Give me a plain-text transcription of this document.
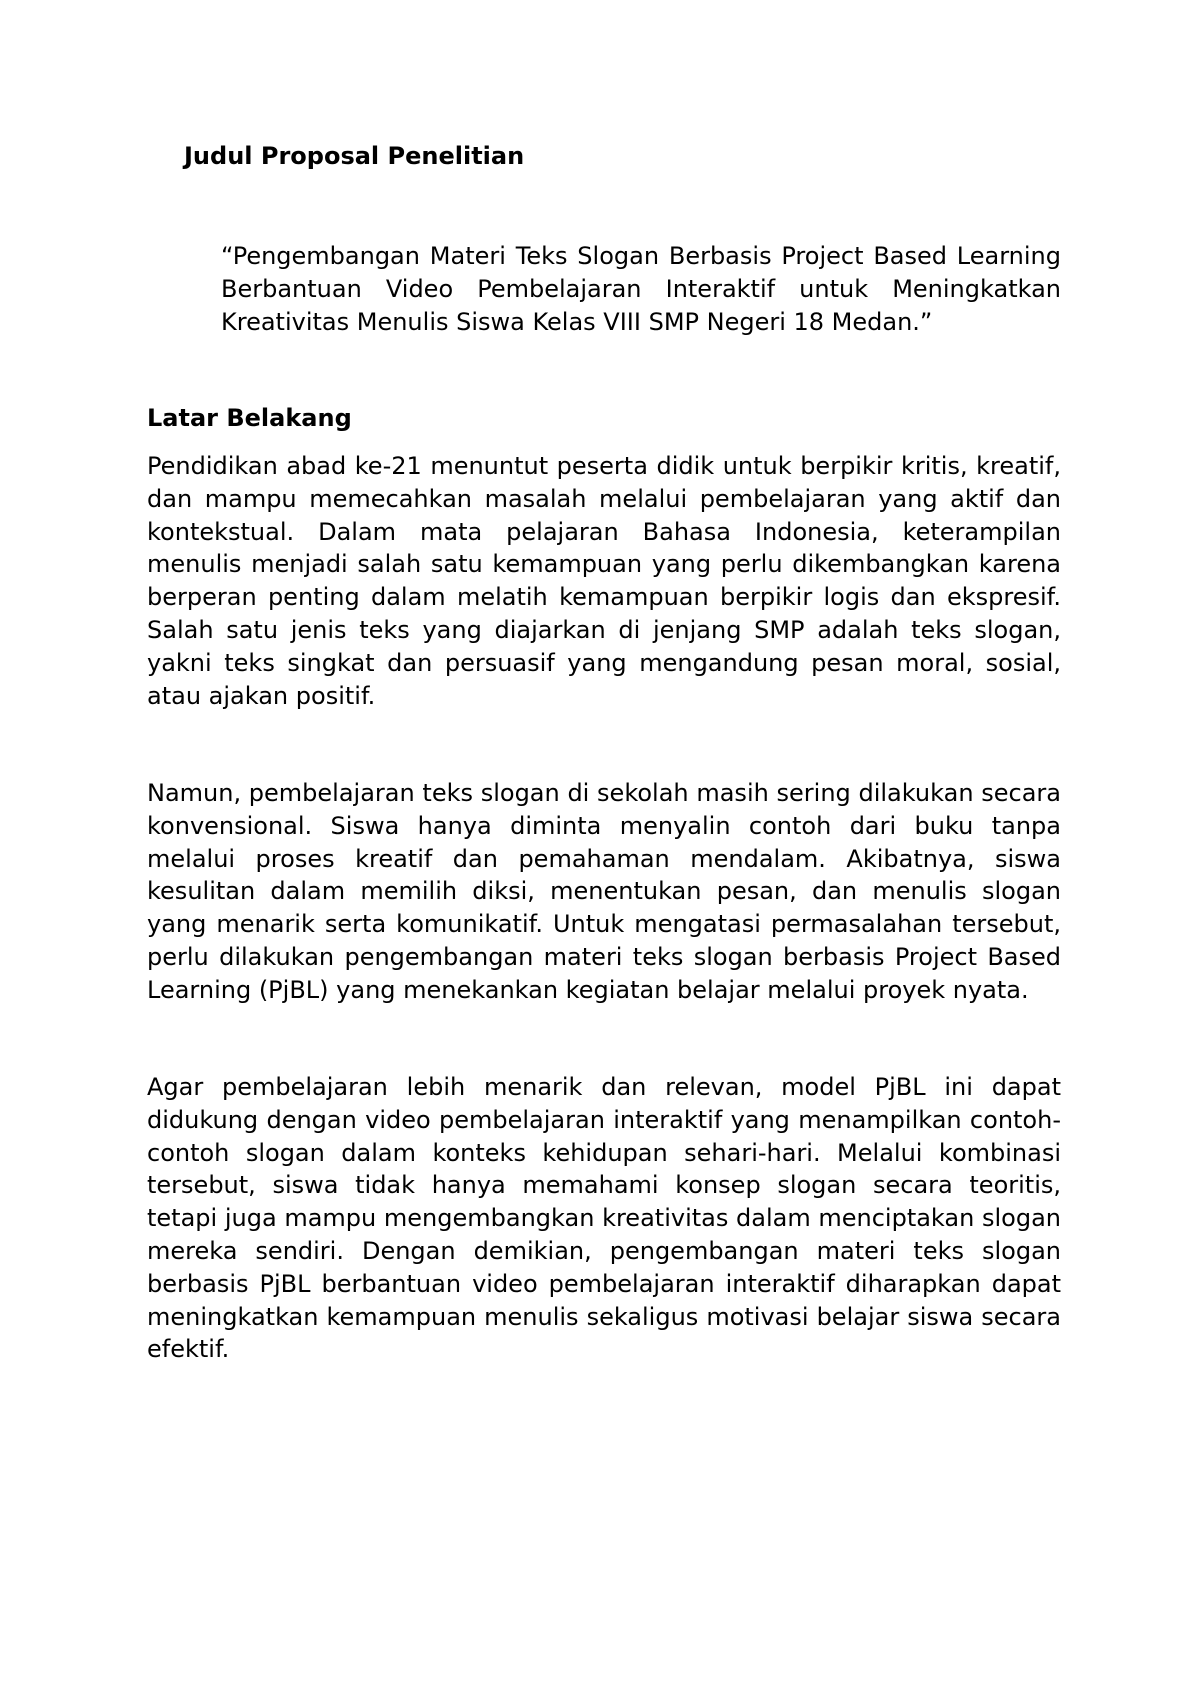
Judul Proposal Penelitian

“Pengembangan Materi Teks Slogan Berbasis Project Based Learning Berbantuan Video Pembelajaran Interaktif untuk Meningkatkan Kreativitas Menulis Siswa Kelas VIII SMP Negeri 18 Medan.”

Latar Belakang

Pendidikan abad ke-21 menuntut peserta didik untuk berpikir kritis, kreatif, dan mampu memecahkan masalah melalui pembelajaran yang aktif dan kontekstual. Dalam mata pelajaran Bahasa Indonesia, keterampilan menulis menjadi salah satu kemampuan yang perlu dikembangkan karena berperan penting dalam melatih kemampuan berpikir logis dan ekspresif. Salah satu jenis teks yang diajarkan di jenjang SMP adalah teks slogan, yakni teks singkat dan persuasif yang mengandung pesan moral, sosial, atau ajakan positif.

Namun, pembelajaran teks slogan di sekolah masih sering dilakukan secara konvensional. Siswa hanya diminta menyalin contoh dari buku tanpa melalui proses kreatif dan pemahaman mendalam. Akibatnya, siswa kesulitan dalam memilih diksi, menentukan pesan, dan menulis slogan yang menarik serta komunikatif. Untuk mengatasi permasalahan tersebut, perlu dilakukan pengembangan materi teks slogan berbasis Project Based Learning (PjBL) yang menekankan kegiatan belajar melalui proyek nyata.

Agar pembelajaran lebih menarik dan relevan, model PjBL ini dapat didukung dengan video pembelajaran interaktif yang menampilkan contoh-contoh slogan dalam konteks kehidupan sehari-hari. Melalui kombinasi tersebut, siswa tidak hanya memahami konsep slogan secara teoritis, tetapi juga mampu mengembangkan kreativitas dalam menciptakan slogan mereka sendiri. Dengan demikian, pengembangan materi teks slogan berbasis PjBL berbantuan video pembelajaran interaktif diharapkan dapat meningkatkan kemampuan menulis sekaligus motivasi belajar siswa secara efektif.
